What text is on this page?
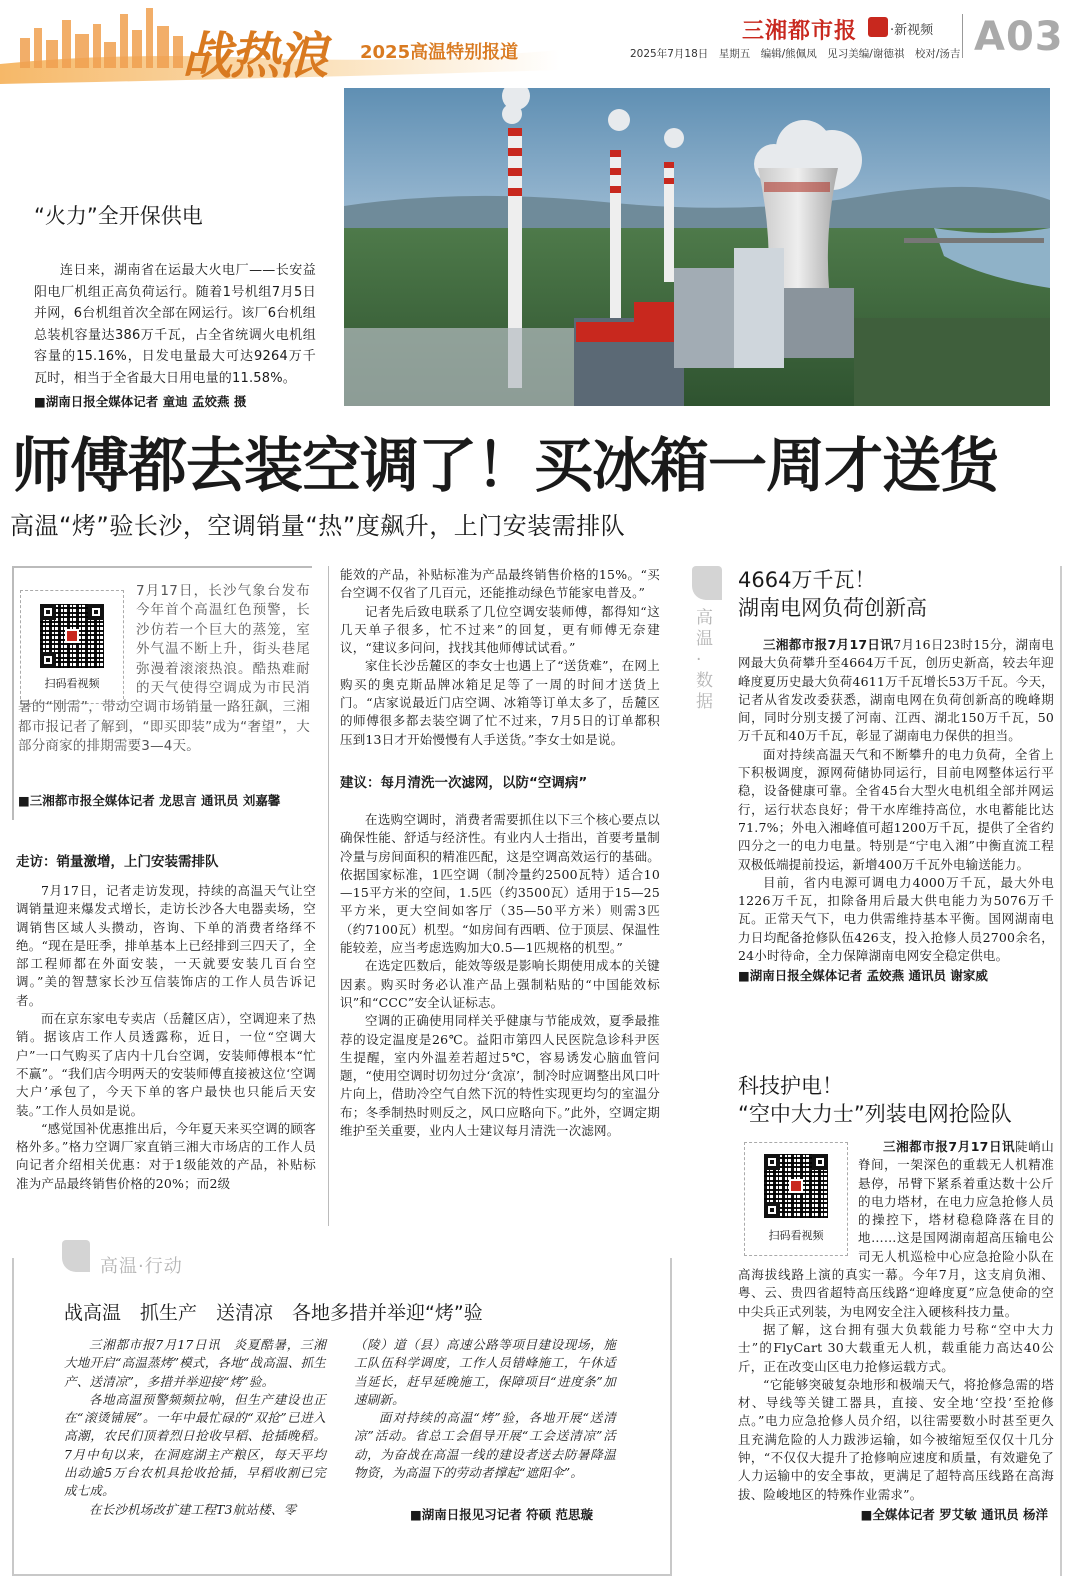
战热浪 2025高温特别报道
三湘都市报	·新视频
2025年7月18日　星期五　编辑/熊佩凤　见习美编/谢德祺　校对/汤吉 A03
“火力”全开保供电

连日来，湖南省在运最大火电厂——长安益阳电厂机组正高负荷运行。随着1号机组7月5日并网，6台机组首次全部在网运行。该厂6台机组总装机容量达386万千瓦，占全省统调火电机组容量的15.16%，日发电量最大可达9264万千瓦时，相当于全省最大日用电量的11.58%。

■湖南日报全媒体记者 童迪 孟姣燕 摄
师傅都去装空调了！买冰箱一周才送货
高温“烤”验长沙，空调销量“热”度飙升，上门安装需排队
扫码看视频

7月17日，长沙气象台发布今年首个高温红色预警，长沙仿若一个巨大的蒸笼，室外气温不断上升，街头巷尾弥漫着滚滚热浪。酷热难耐的天气使得空调成为市民消暑的“刚需”，带动空调市场销量一路狂飙，三湘都市报记者了解到，“即买即装”成为“奢望”，大部分商家的排期需要3—4天。

■三湘都市报全媒体记者 龙思言 通讯员 刘嘉馨
走访：销量激增，上门安装需排队

7月17日，记者走访发现，持续的高温天气让空调销量迎来爆发式增长，走访长沙各大电器卖场，空调销售区域人头攒动，咨询、下单的消费者络绎不绝。“现在是旺季，排单基本上已经排到三四天了，全部工程师都在外面安装，一天就要安装几百台空调。”美的智慧家长沙互信装饰店的工作人员告诉记者。

而在京东家电专卖店（岳麓区店），空调迎来了热销。据该店工作人员透露称，近日，一位“空调大户”一口气购买了店内十几台空调，安装师傅根本“忙不赢”。“我们店今明两天的安装师傅直接被这位‘空调大户’承包了，今天下单的客户最快也只能后天安装。”工作人员如是说。

“感觉国补优惠推出后，今年夏天来买空调的顾客格外多。”格力空调厂家直销三湘大市场店的工作人员向记者介绍相关优惠：对于1级能效的产品，补贴标准为产品最终销售价格的20%；而2级

能效的产品，补贴标准为产品最终销售价格的15%。“买台空调不仅省了几百元，还能推动绿色节能家电普及。”

记者先后致电联系了几位空调安装师傅，都得知“这几天单子很多，忙不过来”的回复，更有师傅无奈建议，“建议多问问，找找其他师傅试试看。”

家住长沙岳麓区的李女士也遇上了“送货难”，在网上购买的奥克斯品牌冰箱足足等了一周的时间才送货上门。“店家说最近门店空调、冰箱等订单太多了，岳麓区的师傅很多都去装空调了忙不过来，7月5日的订单都积压到13日才开始慢慢有人手送货。”李女士如是说。

建议：每月清洗一次滤网，以防“空调病”

在选购空调时，消费者需要抓住以下三个核心要点以确保性能、舒适与经济性。有业内人士指出，首要考量制冷量与房间面积的精准匹配，这是空调高效运行的基础。依据国家标准，1匹空调（制冷量约2500瓦特）适合10—15平方米的空间，1.5匹（约3500瓦）适用于15—25平方米，更大空间如客厅（35—50平方米）则需3匹（约7100瓦）机型。“如房间有西晒、位于顶层、保温性能较差，应当考虑选购加大0.5—1匹规格的机型。”

在选定匹数后，能效等级是影响长期使用成本的关键因素。购买时务必认准产品上强制粘贴的“中国能效标识”和“CCC”安全认证标志。

空调的正确使用同样关乎健康与节能成效，夏季最推荐的设定温度是26℃。益阳市第四人民医院急诊科尹医生提醒，室内外温差若超过5℃，容易诱发心脑血管问题，“使用空调时切勿过分‘贪凉’，制冷时应调整出风口叶片向上，借助冷空气自然下沉的特性实现更均匀的室温分布；冬季制热时则反之，风口应略向下。”此外，空调定期维护至关重要，业内人士建议每月清洗一次滤网。

高温·行动
战高温　抓生产　送清凉　各地多措并举迎“烤”验

三湘都市报7月17日讯　炎夏酷暑，三湘大地开启“高温蒸烤”模式，各地“战高温、抓生产、送清凉”，多措并举迎接“烤”验。

各地高温预警频频拉响，但生产建设也正在“滚烫铺展”。一年中最忙碌的“双抢”已进入高潮，农民们顶着烈日抢收早稻、抢插晚稻。7月中旬以来，在洞庭湖主产粮区，每天平均出动逾5万台农机具抢收抢插，早稻收割已完成七成。

在长沙机场改扩建工程T3航站楼、零

（陵）道（县）高速公路等项目建设现场，施工队伍科学调度，工作人员错峰施工，午休适当延长，赶早延晚施工，保障项目“进度条”加速刷新。

面对持续的高温“烤”验，各地开展“送清凉”活动。省总工会倡导开展“工会送清凉”活动，为奋战在高温一线的建设者送去防暑降温物资，为高温下的劳动者撑起“遮阳伞”。

■湖南日报见习记者 符硕 范思璇
高温·数据
4664万千瓦！
湖南电网负荷创新高

三湘都市报7月17日讯7月16日23时15分，湖南电网最大负荷攀升至4664万千瓦，创历史新高，较去年迎峰度夏历史最大负荷4611万千瓦增长53万千瓦。今天，记者从省发改委获悉，湖南电网在负荷创新高的晚峰期间，同时分别支援了河南、江西、湖北150万千瓦，50万千瓦和40万千瓦，彰显了湖南电力保供的担当。

面对持续高温天气和不断攀升的电力负荷，全省上下积极调度，源网荷储协同运行，目前电网整体运行平稳，设备健康可靠。全省45台大型火电机组全部并网运行，运行状态良好；骨干水库维持高位，水电蓄能比达71.7%；外电入湘峰值可超1200万千瓦，提供了全省约四分之一的电力电量。特别是“宁电入湘”中衡直流工程双极低端提前投运，新增400万千瓦外电输送能力。

目前，省内电源可调电力4000万千瓦，最大外电1226万千瓦，扣除备用后最大供电能力为5076万千瓦。正常天气下，电力供需维持基本平衡。国网湖南电力日均配备抢修队伍426支，投入抢修人员2700余名，24小时待命，全力保障湖南电网安全稳定供电。

■湖南日报全媒体记者 孟姣燕 通讯员 谢家威
科技护电！
“空中大力士”列装电网抢险队
扫码看视频

三湘都市报7月17日讯陡峭山脊间，一架深色的重载无人机精准悬停，吊臂下紧系着重达数十公斤的电力塔材，在电力应急抢修人员的操控下，塔材稳稳降落在目的地……这是国网湖南超高压输电公司无人机巡检中心应急抢险小队在高海拔线路上演的真实一幕。今年7月，这支肩负湘、粤、云、贵四省超特高压线路“迎峰度夏”应急使命的空中尖兵正式列装，为电网安全注入硬核科技力量。

据了解，这台拥有强大负载能力号称“空中大力士”的FlyCart 30大载重无人机，载重能力高达40公斤，正在改变山区电力抢修运载方式。

“它能够突破复杂地形和极端天气，将抢修急需的塔材、导线等关键工器具，直接、安全地‘空投’至抢修点。”电力应急抢修人员介绍，以往需要数小时甚至更久且充满危险的人力跋涉运输，如今被缩短至仅仅十几分钟，“不仅仅大提升了抢修响应速度和质量，有效避免了人力运输中的安全事故，更满足了超特高压线路在高海拔、险峻地区的特殊作业需求”。

■全媒体记者 罗艾敏 通讯员 杨洋
